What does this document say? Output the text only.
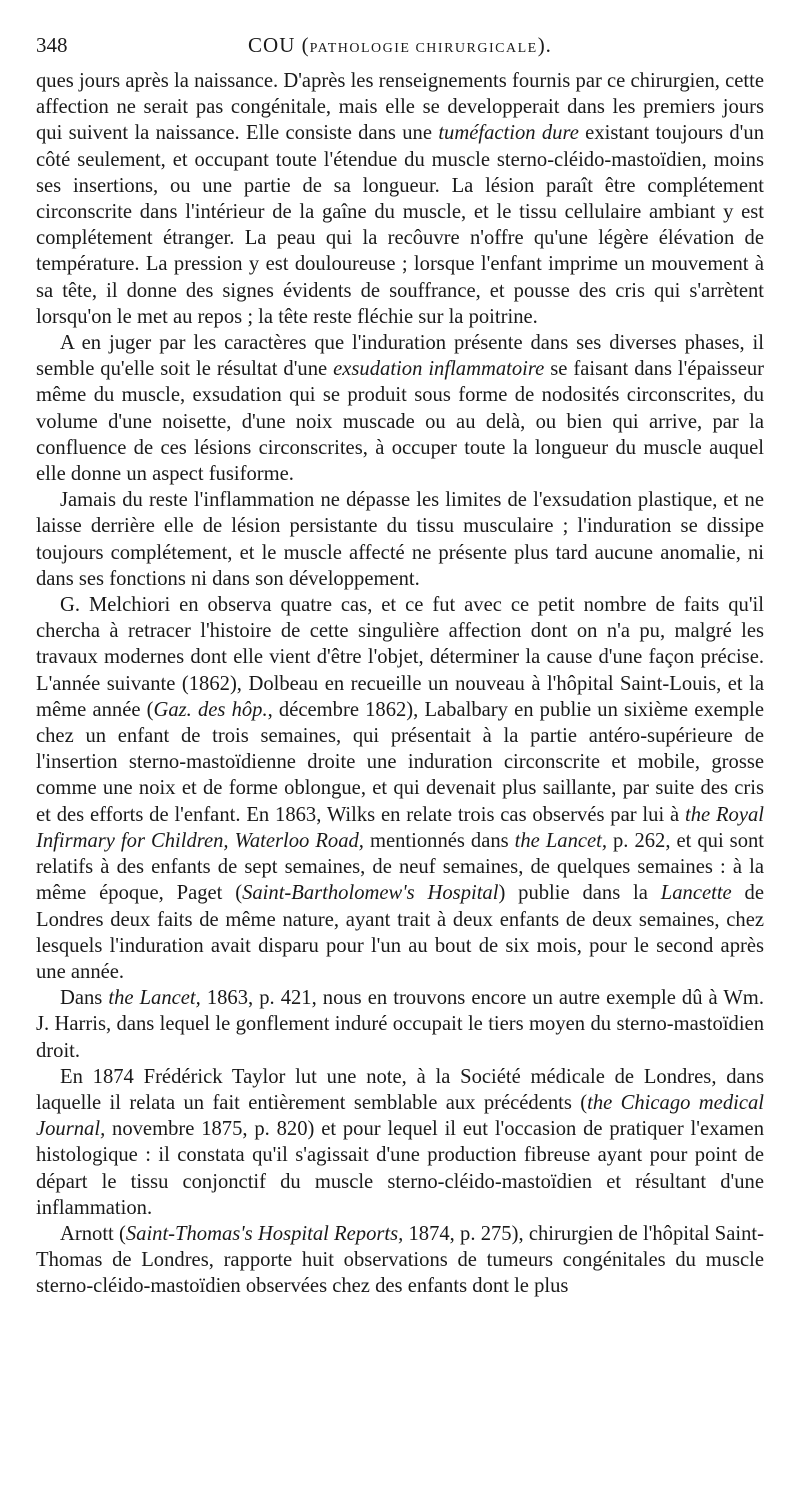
348	COU (PATHOLOGIE CHIRURGICALE).

ques jours après la naissance. D'après les renseignements fournis par ce chirurgien, cette affection ne serait pas congénitale, mais elle se developperait dans les premiers jours qui suivent la naissance. Elle consiste dans une tuméfaction dure existant toujours d'un côté seulement, et occupant toute l'étendue du muscle sterno-cléido-mastoïdien, moins ses insertions, ou une partie de sa longueur. La lésion paraît être complétement circonscrite dans l'intérieur de la gaîne du muscle, et le tissu cellulaire ambiant y est complétement étranger. La peau qui la recôuvre n'offre qu'une légère élévation de température. La pression y est douloureuse ; lorsque l'enfant imprime un mouvement à sa tête, il donne des signes évidents de souffrance, et pousse des cris qui s'arrètent lorsqu'on le met au repos ; la tête reste fléchie sur la poitrine.

A en juger par les caractères que l'induration présente dans ses diverses phases, il semble qu'elle soit le résultat d'une exsudation inflammatoire se faisant dans l'épaisseur même du muscle, exsudation qui se produit sous forme de nodosités circonscrites, du volume d'une noisette, d'une noix muscade ou au delà, ou bien qui arrive, par la confluence de ces lésions circonscrites, à occuper toute la longueur du muscle auquel elle donne un aspect fusiforme.

Jamais du reste l'inflammation ne dépasse les limites de l'exsudation plastique, et ne laisse derrière elle de lésion persistante du tissu musculaire ; l'induration se dissipe toujours complétement, et le muscle affecté ne présente plus tard aucune anomalie, ni dans ses fonctions ni dans son développement.

G. Melchiori en observa quatre cas, et ce fut avec ce petit nombre de faits qu'il chercha à retracer l'histoire de cette singulière affection dont on n'a pu, malgré les travaux modernes dont elle vient d'être l'objet, déterminer la cause d'une façon précise. L'année suivante (1862), Dolbeau en recueille un nouveau à l'hôpital Saint-Louis, et la même année (Gaz. des hôp., décembre 1862), Labalbary en publie un sixième exemple chez un enfant de trois semaines, qui présentait à la partie antéro-supérieure de l'insertion sterno-mastoïdienne droite une induration circonscrite et mobile, grosse comme une noix et de forme oblongue, et qui devenait plus saillante, par suite des cris et des efforts de l'enfant. En 1863, Wilks en relate trois cas observés par lui à the Royal Infirmary for Children, Waterloo Road, mentionnés dans the Lancet, p. 262, et qui sont relatifs à des enfants de sept semaines, de neuf semaines, de quelques semaines : à la même époque, Paget (Saint-Bartholomew's Hospital) publie dans la Lancette de Londres deux faits de même nature, ayant trait à deux enfants de deux semaines, chez lesquels l'induration avait disparu pour l'un au bout de six mois, pour le second après une année.

Dans the Lancet, 1863, p. 421, nous en trouvons encore un autre exemple dû à Wm. J. Harris, dans lequel le gonflement induré occupait le tiers moyen du sterno-mastoïdien droit.

En 1874 Frédérick Taylor lut une note, à la Société médicale de Londres, dans laquelle il relata un fait entièrement semblable aux précédents (the Chicago medical Journal, novembre 1875, p. 820) et pour lequel il eut l'occasion de pratiquer l'examen histologique : il constata qu'il s'agissait d'une production fibreuse ayant pour point de départ le tissu conjonctif du muscle sterno-cléido-mastoïdien et résultant d'une inflammation.

Arnott (Saint-Thomas's Hospital Reports, 1874, p. 275), chirurgien de l'hôpital Saint-Thomas de Londres, rapporte huit observations de tumeurs congénitales du muscle sterno-cléido-mastoïdien observées chez des enfants dont le plus
